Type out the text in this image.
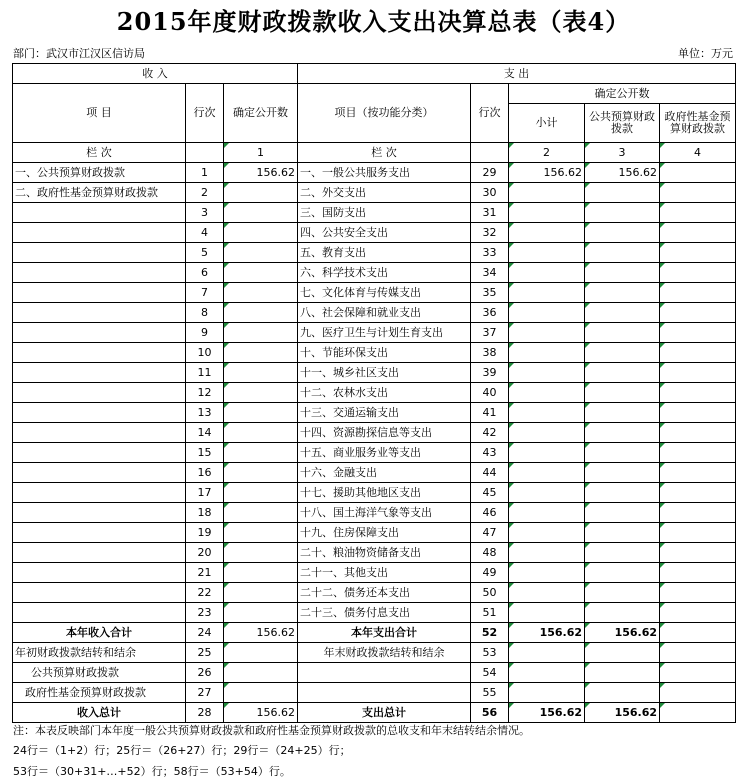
2015年度财政拨款收入支出决算总表（表4）
部门：武汉市江汉区信访局	单位：万元
收 入			支 出				
项 目	行次	确定公开数	项目（按功能分类）	行次	确定公开数		
					小计	公共预算财政拨款	政府性基金预算财政拨款
栏 次		1	栏 次		2	3	4
一、公共预算财政拨款	1	156.62	一、一般公共服务支出	29	156.62	156.62	
二、政府性基金预算财政拨款	2		二、外交支出	30			
	3		三、国防支出	31			
	4		四、公共安全支出	32			
	5		五、教育支出	33			
	6		六、科学技术支出	34			
	7		七、文化体育与传媒支出	35			
	8		八、社会保障和就业支出	36			
	9		九、医疗卫生与计划生育支出	37			
	10		十、节能环保支出	38			
	11		十一、城乡社区支出	39			
	12		十二、农林水支出	40			
	13		十三、交通运输支出	41			
	14		十四、资源勘探信息等支出	42			
	15		十五、商业服务业等支出	43			
	16		十六、金融支出	44			
	17		十七、援助其他地区支出	45			
	18		十八、国土海洋气象等支出	46			
	19		十九、住房保障支出	47			
	20		二十、粮油物资储备支出	48			
	21		二十一、其他支出	49			
	22		二十二、债务还本支出	50			
	23		二十三、债务付息支出	51			
本年收入合计	24	156.62	本年支出合计	52	156.62	156.62	
年初财政拨款结转和结余	25		年末财政拨款结转和结余	53			
公共预算财政拨款	26			54			
政府性基金预算财政拨款	27			55			
收入总计	28	156.62	支出总计	56	156.62	156.62	
注：本表反映部门本年度一般公共预算财政拨款和政府性基金预算财政拨款的总收支和年末结转结余情况。
24行＝（1+2）行；25行＝（26+27）行；29行＝（24+25）行；
53行＝（30+31+…+52）行；58行＝（53+54）行。
